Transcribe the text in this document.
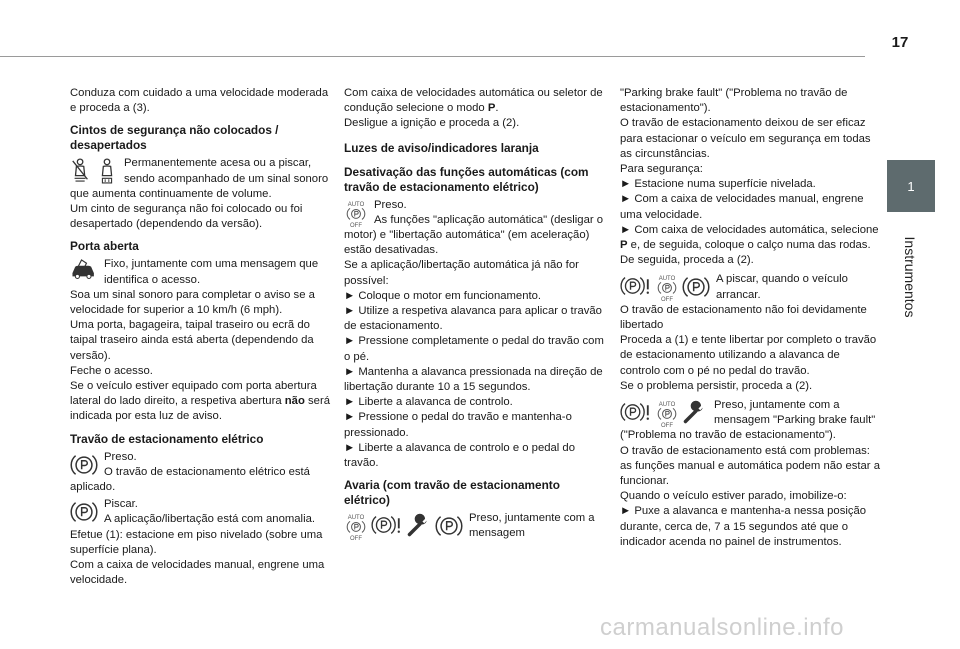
17
1
Instrumentos

Conduza com cuidado a uma velocidade moderada e proceda a (3).

Cintos de segurança não colocados / desapertados

Permanentemente acesa ou a piscar, sendo acompanhado de um sinal sonoro que aumenta continuamente de volume.

Um cinto de segurança não foi colocado ou foi desapertado (dependendo da versão).

Porta aberta

Fixo, juntamente com uma mensagem que identifica o acesso.

Soa um sinal sonoro para completar o aviso se a velocidade for superior a 10 km/h (6 mph).

Uma porta, bagageira, taipal traseiro ou ecrã do taipal traseiro ainda está aberta (dependendo da versão).

Feche o acesso.

Se o veículo estiver equipado com porta abertura lateral do lado direito, a respetiva abertura não será indicada por esta luz de aviso.

Travão de estacionamento elétrico

Preso.

O travão de estacionamento elétrico está aplicado.

Piscar.

A aplicação/libertação está com anomalia.

Efetue (1): estacione em piso nivelado (sobre uma superfície plana).

Com a caixa de velocidades manual, engrene uma velocidade.

Com caixa de velocidades automática ou seletor de condução selecione o modo P.

Desligue a ignição e proceda a (2).

Luzes de aviso/indicadores laranja
Desativação das funções automáticas (com travão de estacionamento elétrico)

Preso.

As funções "aplicação automática" (desligar o motor) e "libertação automática" (em aceleração) estão desativadas.

Se a aplicação/libertação automática já não for possível:

► Coloque o motor em funcionamento.

► Utilize a respetiva alavanca para aplicar o travão de estacionamento.

► Pressione completamente o pedal do travão com o pé.

► Mantenha a alavanca pressionada na direção de libertação durante 10 a 15 segundos.

► Liberte a alavanca de controlo.

► Pressione o pedal do travão e mantenha-o pressionado.

► Liberte a alavanca de controlo e o pedal do travão.

Avaria (com travão de estacionamento elétrico)

Preso, juntamente com a mensagem

"Parking brake fault" ("Problema no travão de estacionamento").

O travão de estacionamento deixou de ser eficaz para estacionar o veículo em segurança em todas as circunstâncias.

Para segurança:

► Estacione numa superfície nivelada.

► Com a caixa de velocidades manual, engrene uma velocidade.

► Com caixa de velocidades automática, selecione P e, de seguida, coloque o calço numa das rodas.

De seguida, proceda a (2).

A piscar, quando o veículo arrancar.

O travão de estacionamento não foi devidamente libertado

Proceda a (1) e tente libertar por completo o travão de estacionamento utilizando a alavanca de controlo com o pé no pedal do travão.

Se o problema persistir, proceda a (2).

Preso, juntamente com a mensagem "Parking brake fault" ("Problema no travão de estacionamento").

O travão de estacionamento está com problemas: as funções manual e automática podem não estar a funcionar.

Quando o veículo estiver parado, imobilize-o:

► Puxe a alavanca e mantenha-a nessa posição durante, cerca de, 7 a 15 segundos até que o indicador acenda no painel de instrumentos.

carmanualsonline.info
